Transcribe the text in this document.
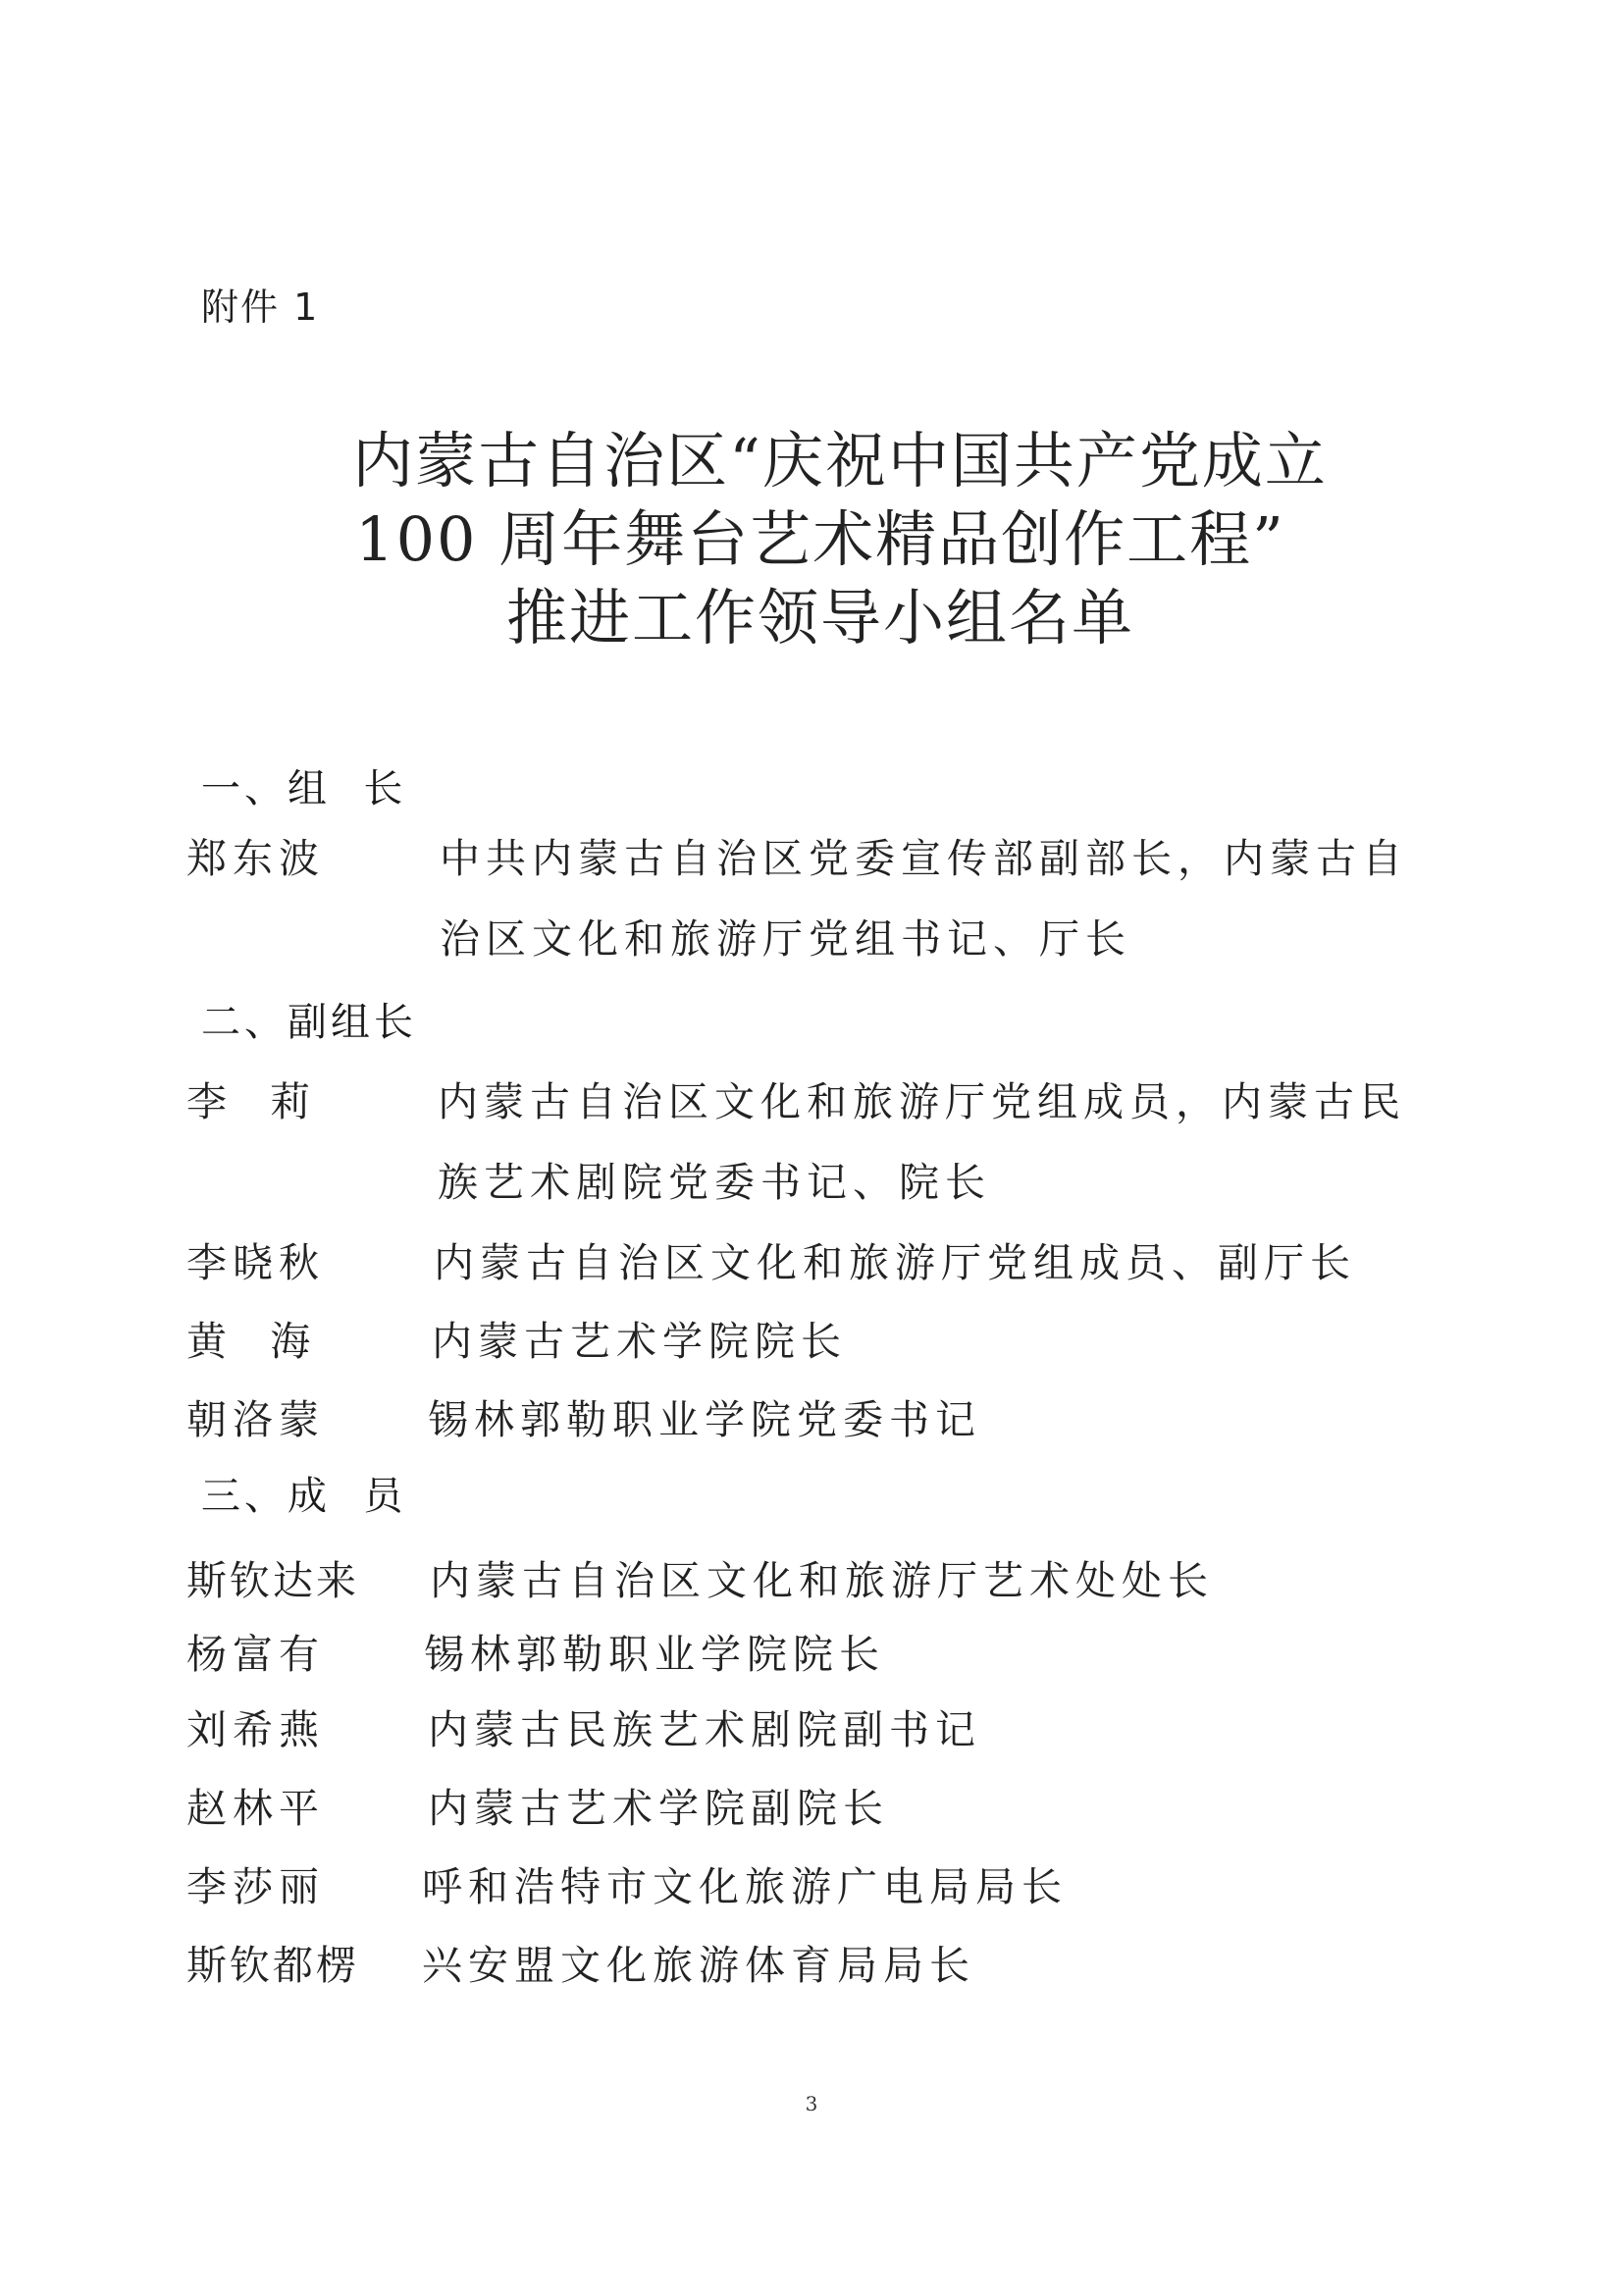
附件 1
内蒙古自治区“庆祝中国共产党成立
100 周年舞台艺术精品创作工程”
推进工作领导小组名单
一、组  长
郑东波	中共内蒙古自治区党委宣传部副部长，内蒙古自治区文化和旅游厅党组书记、厅长
二、副组长
李  莉	内蒙古自治区文化和旅游厅党组成员，内蒙古民族艺术剧院党委书记、院长
李晓秋	内蒙古自治区文化和旅游厅党组成员、副厅长
黄  海	内蒙古艺术学院院长
朝洛蒙	锡林郭勒职业学院党委书记
三、成  员
斯钦达来 内蒙古自治区文化和旅游厅艺术处处长
杨富有 锡林郭勒职业学院院长
刘希燕	内蒙古民族艺术剧院副书记
赵林平	内蒙古艺术学院副院长
李莎丽 呼和浩特市文化旅游广电局局长
斯钦都楞 兴安盟文化旅游体育局局长
3
